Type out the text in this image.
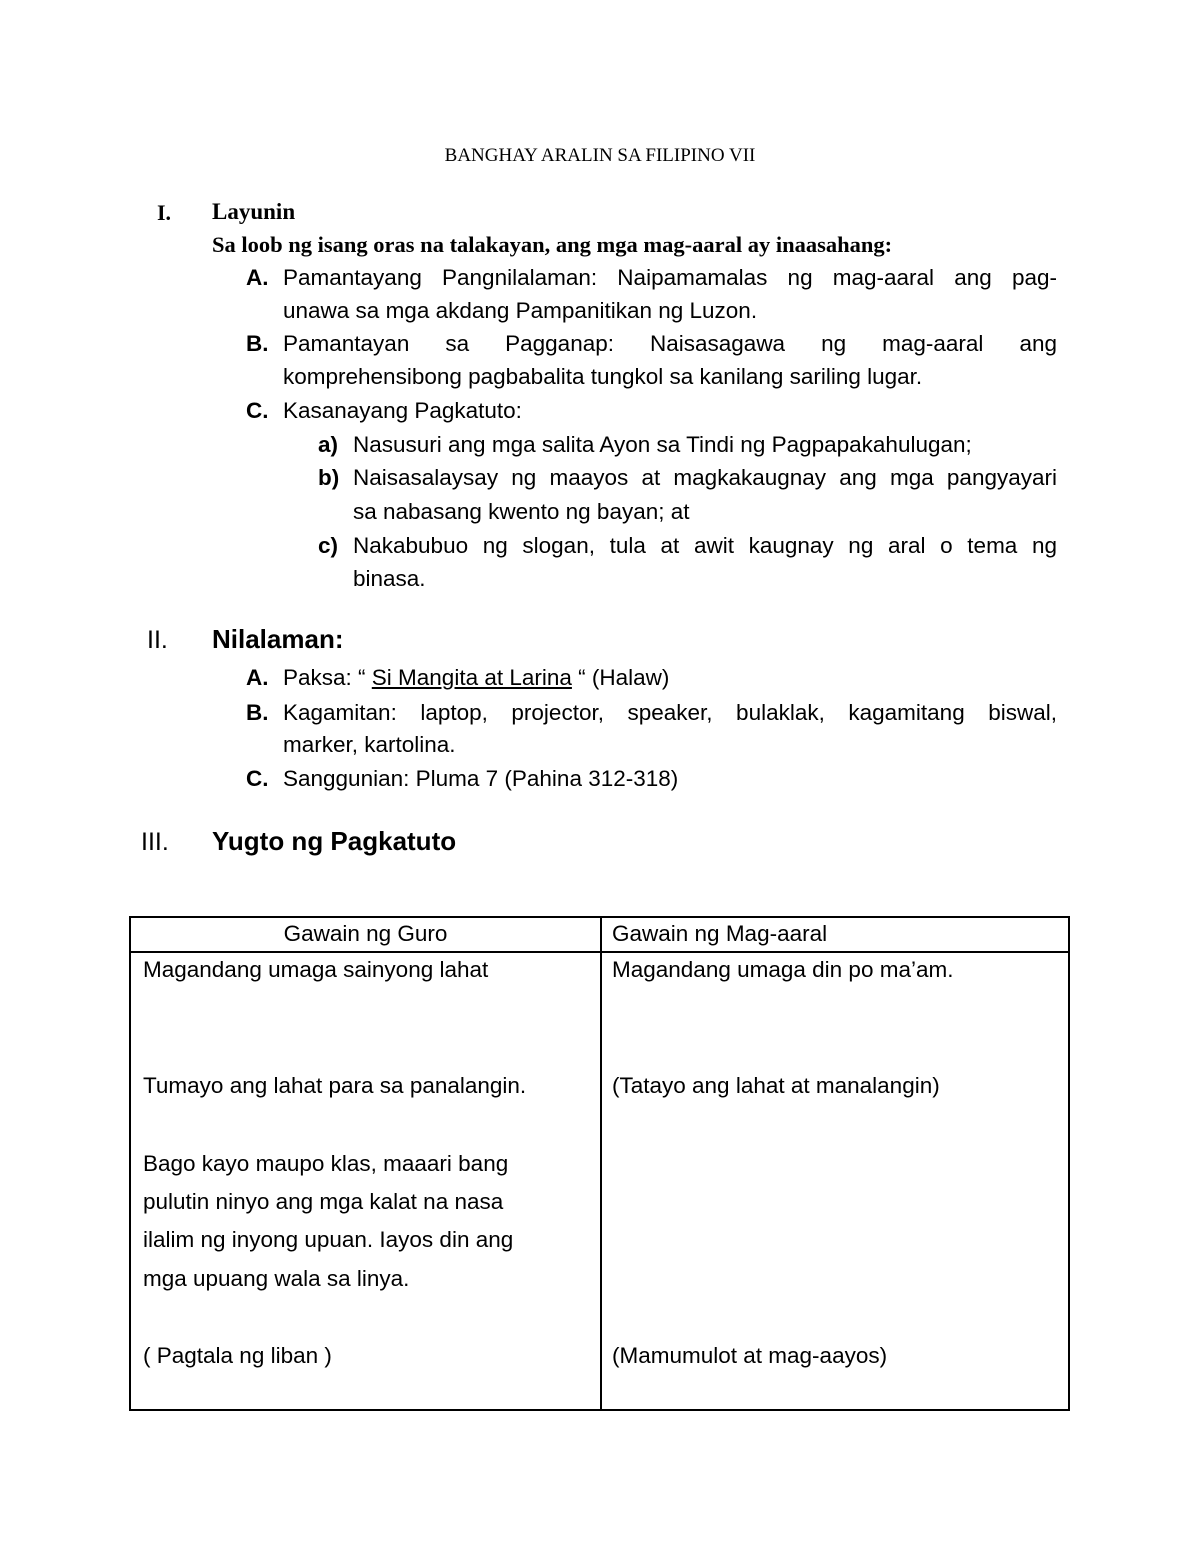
BANGHAY ARALIN SA FILIPINO VII
I. Layunin
Sa loob ng isang oras na talakayan, ang mga mag-aaral ay inaasahang:
A. Pamantayang Pangnilalaman: Naipamamalas ng mag-aaral ang pag-
unawa sa mga akdang Pampanitikan ng Luzon.
B. Pamantayan sa Pagganap: Naisasagawa ng mag-aaral ang
komprehensibong pagbabalita tungkol sa kanilang sariling lugar.
C. Kasanayang Pagkatuto:
a) Nasusuri ang mga salita Ayon sa Tindi ng Pagpapakahulugan;
b) Naisasalaysay ng maayos at magkakaugnay ang mga pangyayari
sa nabasang kwento ng bayan; at
c) Nakabubuo ng slogan, tula at awit kaugnay ng aral o tema ng
binasa.
II. Nilalaman:
A. Paksa: “ Si Mangita at Larina “ (Halaw)
B. Kagamitan: laptop, projector, speaker, bulaklak, kagamitang biswal,
marker, kartolina.
C. Sanggunian: Pluma 7 (Pahina 312-318)
III. Yugto ng Pagkatuto
Gawain ng Guro	Gawain ng Mag-aaral
Magandang umaga sainyong lahat
Tumayo ang lahat para sa panalangin.
Bago kayo maupo klas, maaari bang
pulutin ninyo ang mga kalat na nasa
ilalim ng inyong upuan. Iayos din ang
mga upuang wala sa linya.
( Pagtala ng liban )
Magandang umaga din po ma’am.
(Tatayo ang lahat at manalangin)
(Mamumulot at mag-aayos)
